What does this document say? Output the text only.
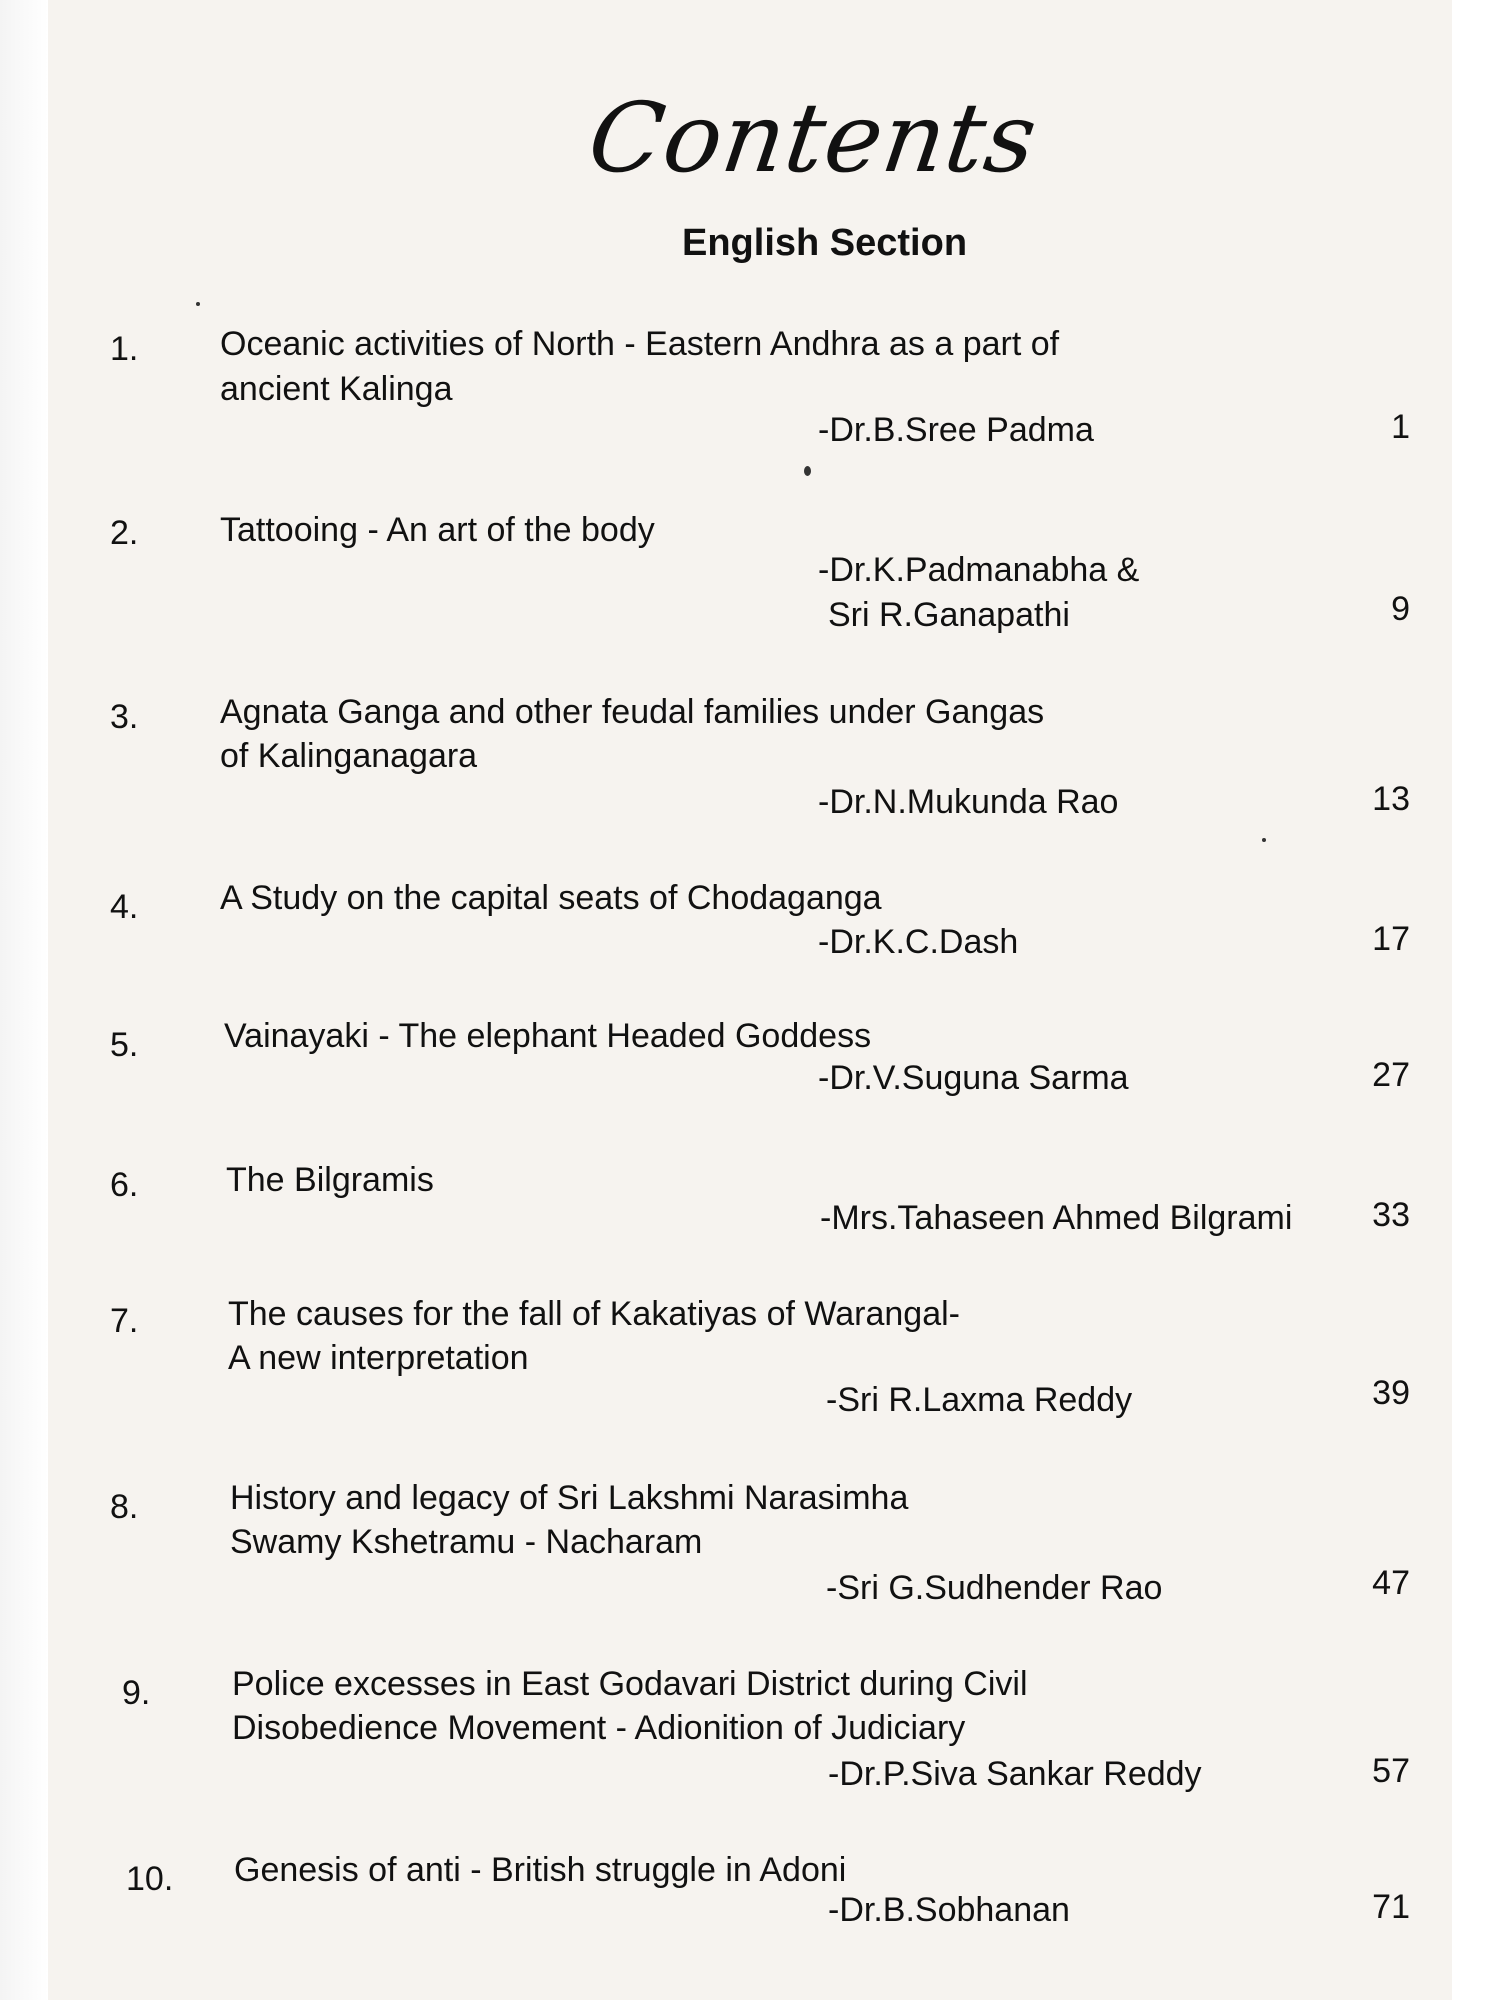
Contents
English Section
1. Oceanic activities of North - Eastern Andhra as a part of
ancient Kalinga
-Dr.B.Sree Padma	1
2. Tattooing - An art of the body
-Dr.K.Padmanabha &
Sri R.Ganapathi	9
3. Agnata Ganga and other feudal families under Gangas
of Kalinganagara
-Dr.N.Mukunda Rao	13
4. A Study on the capital seats of Chodaganga
-Dr.K.C.Dash	17
5.	Vainayaki - The elephant Headed Goddess
-Dr.V.Suguna Sarma	27
6.	The Bilgramis
-Mrs.Tahaseen Ahmed Bilgrami 33
7.	The causes for the fall of Kakatiyas of Warangal-
A new interpretation
-Sri R.Laxma Reddy	39
8.	History and legacy of Sri Lakshmi Narasimha
Swamy Kshetramu - Nacharam
-Sri G.Sudhender Rao	47
9. Police excesses in East Godavari District during Civil
Disobedience Movement - Adionition of Judiciary
-Dr.P.Siva Sankar Reddy	57
10. Genesis of anti - British struggle in Adoni
-Dr.B.Sobhanan	71
